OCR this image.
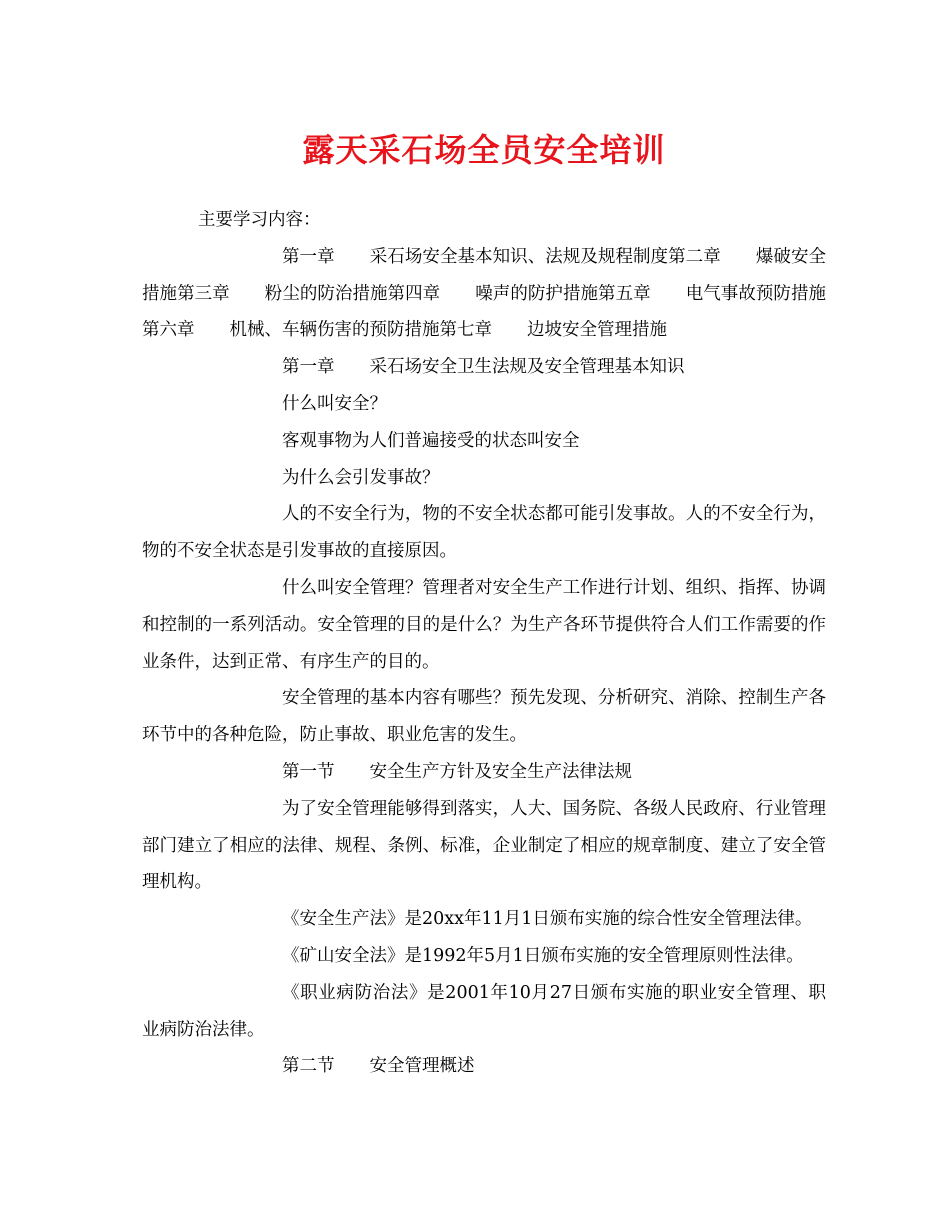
露天采石场全员安全培训

主要学习内容：

第一章　　采石场安全基本知识、法规及规程制度第二章　　爆破安全措施第三章　　粉尘的防治措施第四章　　噪声的防护措施第五章　　电气事故预防措施第六章　　机械、车辆伤害的预防措施第七章　　边坡安全管理措施

第一章　　采石场安全卫生法规及安全管理基本知识

什么叫安全？

客观事物为人们普遍接受的状态叫安全

为什么会引发事故？

人的不安全行为，物的不安全状态都可能引发事故。人的不安全行为，物的不安全状态是引发事故的直接原因。

什么叫安全管理？管理者对安全生产工作进行计划、组织、指挥、协调和控制的一系列活动。安全管理的目的是什么？为生产各环节提供符合人们工作需要的作业条件，达到正常、有序生产的目的。

安全管理的基本内容有哪些？预先发现、分析研究、消除、控制生产各环节中的各种危险，防止事故、职业危害的发生。

第一节　　安全生产方针及安全生产法律法规

为了安全管理能够得到落实，人大、国务院、各级人民政府、行业管理部门建立了相应的法律、规程、条例、标准，企业制定了相应的规章制度、建立了安全管理机构。

《安全生产法》是20xx年11月1日颁布实施的综合性安全管理法律。

《矿山安全法》是1992年5月1日颁布实施的安全管理原则性法律。

《职业病防治法》是2001年10月27日颁布实施的职业安全管理、职业病防治法律。

第二节　　安全管理概述
